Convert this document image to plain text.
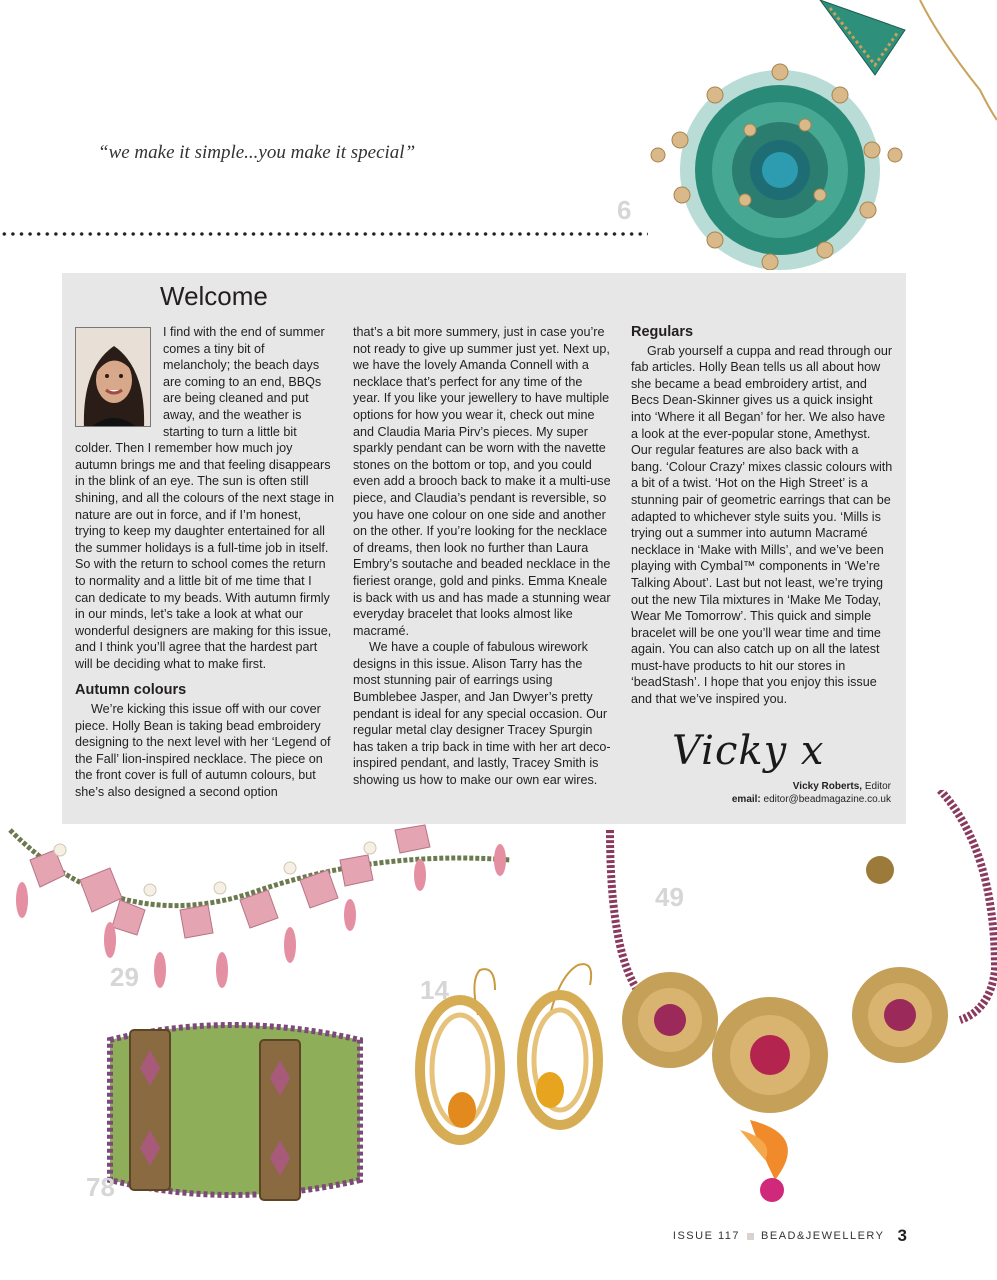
6
“we make it simple...you make it special”
Welcome

I find with the end of summer comes a tiny bit of melancholy; the beach days are coming to an end, BBQs are being cleaned and put away, and the weather is starting to turn a little bit colder. Then I remember how much joy autumn brings me and that feeling disappears in the blink of an eye. The sun is often still shining, and all the colours of the next stage in nature are out in force, and if I’m honest, trying to keep my daughter entertained for all the summer holidays is a full-time job in itself. So with the return to school comes the return to normality and a little bit of me time that I can dedicate to my beads. With autumn firmly in our minds, let’s take a look at what our wonderful designers are making for this issue, and I think you’ll agree that the hardest part will be deciding what to make first.

Autumn colours

We’re kicking this issue off with our cover piece. Holly Bean is taking bead embroidery designing to the next level with her ‘Legend of the Fall’ lion-inspired necklace. The piece on the front cover is full of autumn colours, but she’s also designed a second option

that’s a bit more summery, just in case you’re not ready to give up summer just yet. Next up, we have the lovely Amanda Connell with a necklace that’s perfect for any time of the year. If you like your jewellery to have multiple options for how you wear it, check out mine and Claudia Maria Pirv’s pieces. My super sparkly pendant can be worn with the navette stones on the bottom or top, and you could even add a brooch back to make it a multi-use piece, and Claudia’s pendant is reversible, so you have one colour on one side and another on the other. If you’re looking for the necklace of dreams, then look no further than Laura Embry’s soutache and beaded necklace in the fieriest orange, gold and pinks. Emma Kneale is back with us and has made a stunning wear everyday bracelet that looks almost like macramé.

We have a couple of fabulous wirework designs in this issue. Alison Tarry has the most stunning pair of earrings using Bumblebee Jasper, and Jan Dwyer’s pretty pendant is ideal for any special occasion. Our regular metal clay designer Tracey Spurgin has taken a trip back in time with her art deco-inspired pendant, and lastly, Tracey Smith is showing us how to make our own ear wires.

Regulars

Grab yourself a cuppa and read through our fab articles. Holly Bean tells us all about how she became a bead embroidery artist, and Becs Dean-Skinner gives us a quick insight into ‘Where it all Began’ for her. We also have a look at the ever-popular stone, Amethyst. Our regular features are also back with a bang. ‘Colour Crazy’ mixes classic colours with a bit of a twist. ‘Hot on the High Street’ is a stunning pair of geometric earrings that can be adapted to whichever style suits you. ‘Mills is trying out a summer into autumn Macramé necklace in ‘Make with Mills’, and we’ve been playing with Cymbal™ components in ‘We’re Talking About’. Last but not least, we’re trying out the new Tila mixtures in ‘Make Me Today, Wear Me Tomorrow’. This quick and simple bracelet will be one you’ll wear time and time again. You can also catch up on all the latest must-have products to hit our stores in ‘beadStash’. I hope that you enjoy this issue and that we’ve inspired you.

Vicky x
Vicky Roberts, Editor
email: editor@beadmagazine.co.uk
29	14
49
78
ISSUE 117 BEAD&JEWELLERY 3
